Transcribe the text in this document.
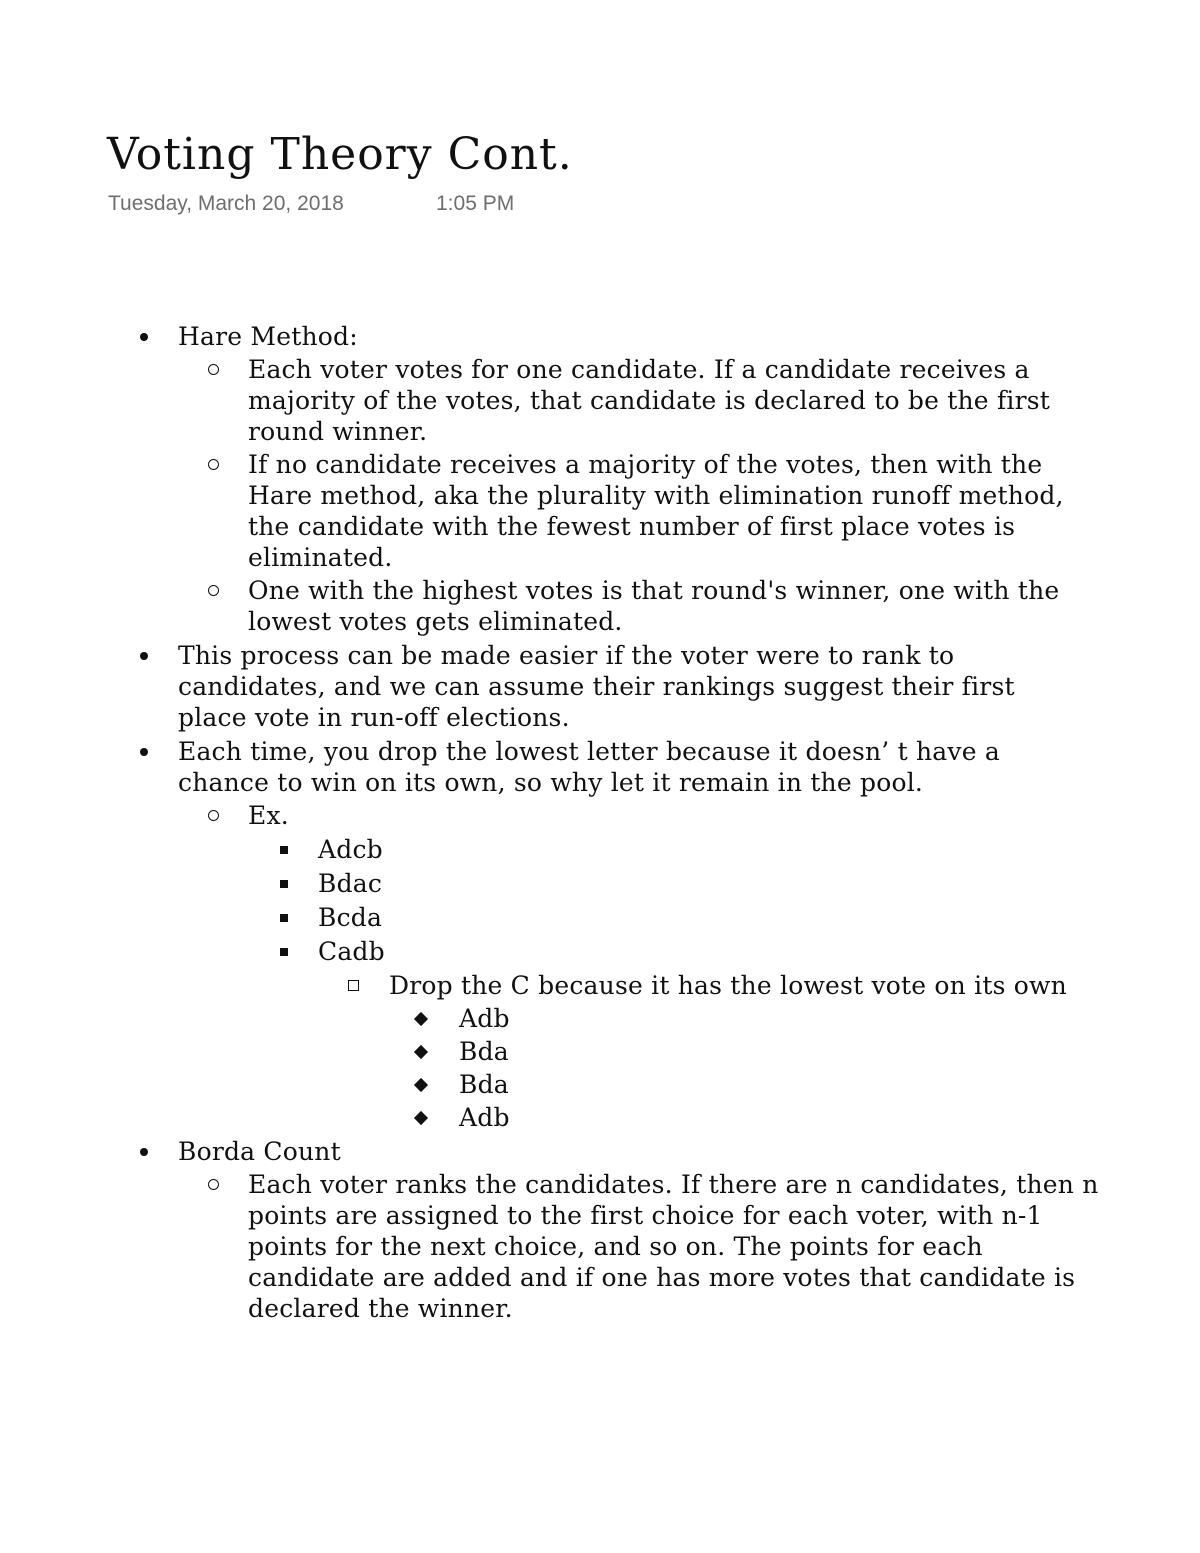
Voting Theory Cont.
Tuesday, March 20, 2018	1:05 PM
Hare Method:
Each voter votes for one candidate. If a candidate receives a majority of the votes, that candidate is declared to be the first round winner.
If no candidate receives a majority of the votes, then with the Hare method, aka the plurality with elimination runoff method, the candidate with the fewest number of first place votes is eliminated.
One with the highest votes is that round's winner, one with the lowest votes gets eliminated.
This process can be made easier if the voter were to rank to candidates, and we can assume their rankings suggest their first place vote in run-off elections.
Each time, you drop the lowest letter because it doesn’ t have a chance to win on its own, so why let it remain in the pool.
Ex.
Adcb
Bdac
Bcda
Cadb
Drop the C because it has the lowest vote on its own
Adb
Bda
Bda
Adb
Borda Count
Each voter ranks the candidates. If there are n candidates, then n points are assigned to the first choice for each voter, with n-1 points for the next choice, and so on. The points for each candidate are added and if one has more votes that candidate is declared the winner.
